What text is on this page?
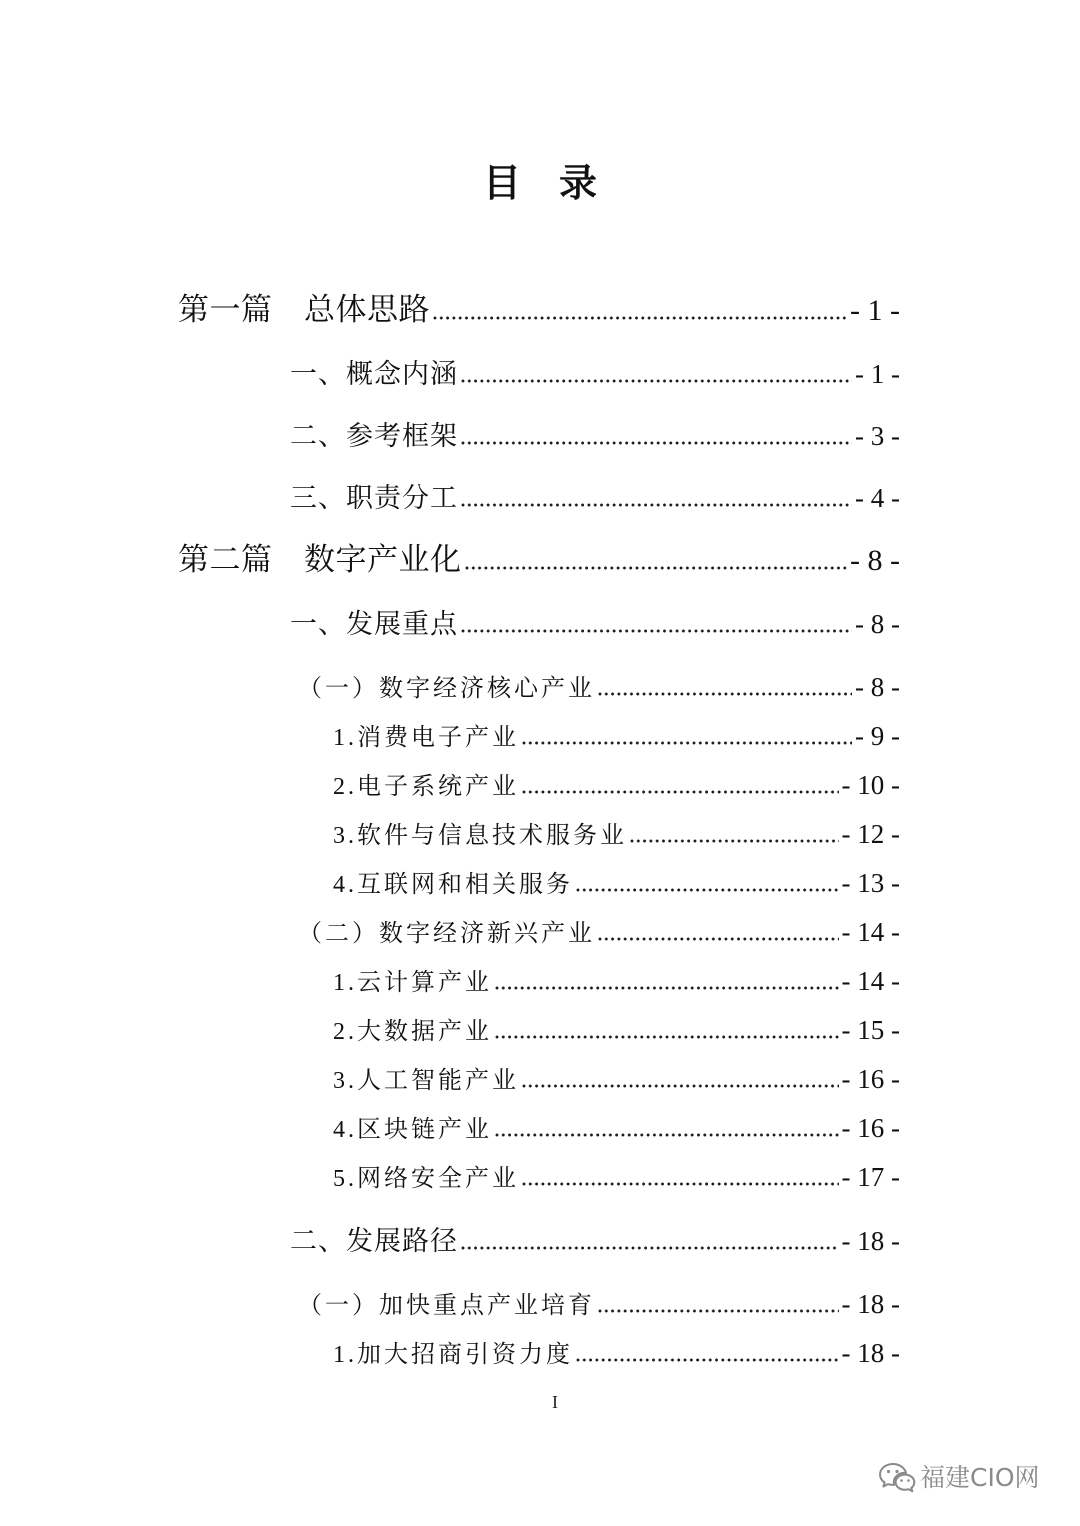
目　录
第一篇　总体思路	- 1 -
一、概念内涵	- 1 -
二、参考框架	- 3 -
三、职责分工	- 4 -
第二篇　数字产业化	- 8 -
一、发展重点	- 8 -
（一）数字经济核心产业	- 8 -
1.消费电子产业	- 9 -
2.电子系统产业	- 10 -
3.软件与信息技术服务业	- 12 -
4.互联网和相关服务	- 13 -
（二）数字经济新兴产业	- 14 -
1.云计算产业	- 14 -
2.大数据产业	- 15 -
3.人工智能产业	- 16 -
4.区块链产业	- 16 -
5.网络安全产业	- 17 -
二、发展路径	- 18 -
（一）加快重点产业培育	- 18 -
1.加大招商引资力度	- 18 -
I
福建CIO网
